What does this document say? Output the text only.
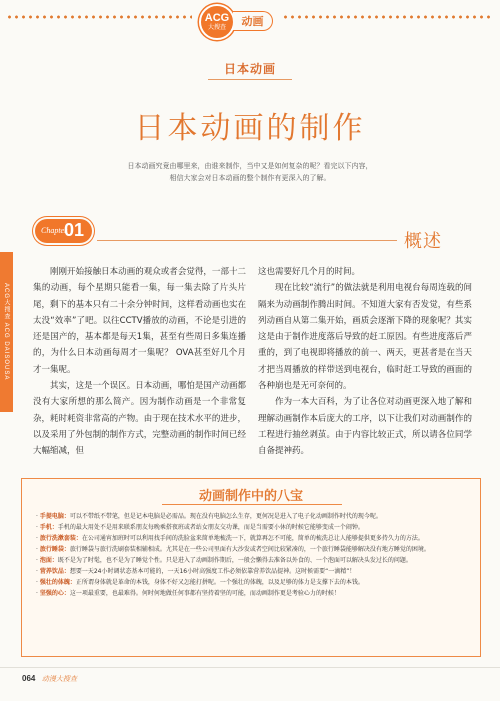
ACG
大搜查	动画
日本动画
日本动画的制作
日本动画究竟由哪里来，由谁来制作，当中又是如何复杂的呢？看完以下内容，
相信大家会对日本动画的整个制作有更深入的了解。
Chapter
01
概述
ACG大搜查 ACG DAISOUSA

刚刚开始接触日本动画的观众或者会觉得，一部十二集的动画，每个星期只能看一集，每一集去除了片头片尾，剩下的基本只有二十余分钟时间，这样看动画也实在太没“效率”了吧。以往CCTV播放的动画，不论是引进的还是国产的，基本都是每天1集，甚至有些周日多集连播的，为什么日本动画每周才一集呢？ OVA甚至好几个月才一集呢。

其实，这是一个误区。日本动画，哪怕是国产动画都没有大家所想的那么简产。因为制作动画是一个非常复杂，耗时耗资非常高的产物。由于现在技术水平的进步，以及采用了外包制的制作方式，完整动画的制作时间已经大幅缩减，但

这也需要好几个月的时间。

现在比较“流行”的做法就是利用电视台每周连载的间隔来为动画制作腾出时间。不知道大家有否发觉，有些系列动画自从第二集开始，画质会逐渐下降的现象呢？其实这是由于制作进度落后导致的赶工原因。有些进度落后严重的，到了电视即将播放的前一、两天，更甚者是在当天才把当周播放的样带送到电视台，临时赶工导致的画面的各种崩也是无可奈何的。

作为一本大百科，为了让各位对动画更深入地了解和理解动画制作本后庞大的工序，以下让我们对动画制作的工程进行抽丝剥茧。由于内容比较正式，所以请各位同学自备提神药。

动画制作中的八宝
· 手提电脑：可以不带纸不带笔，但是记本电脑是必需品。现在没有电脑怎么生存，更何况是进入了电子化动画制作时代的现今呢。
· 手机：手机的最大用处不是用来联系朋友每晚乘搭夜班或者站女朋友交功课，而是当需要小休的时候它能够变成一个闹钟。
· 旅行洗漱套装：在公司通宵加班时可以利用找手间的洗脸盆来简单地梳洗一下，就算再怎不可能，简单的梳洗总让人能够提供更多持久力的方法。
· 旅行睡袋：旅行睡袋与旅行洗刷套装相辅相成。尤其是在一些公司里面有大沙发或者空间比较紧凑的，一个旅行睡袋能够解决没有地方睡觉的困境。
· 泡面：既不是为了时髦，也不是为了睡觉个性。只是进入了动画制作期后，一般会懒得去准备以外食的、一个泡面可以解决头发过长的问题。
· 营养饮品：想要一天24小时调状态基本可能的，一天16小时高强度工作必须依靠营养饮品提神。这时候需要“一滴精”！
· 强壮的体魄：正所谓身体就是革命的本钱，身体不好又怎能打拼呢。一个强壮的体魄，以及足够的体力是支撑下去的本钱。
· 坚强的心：这一项最重要，也最难得。何时何地做任何事都有坚持着坚的可能，而动画制作更是考验心力的时候！
064 动漫大搜查
